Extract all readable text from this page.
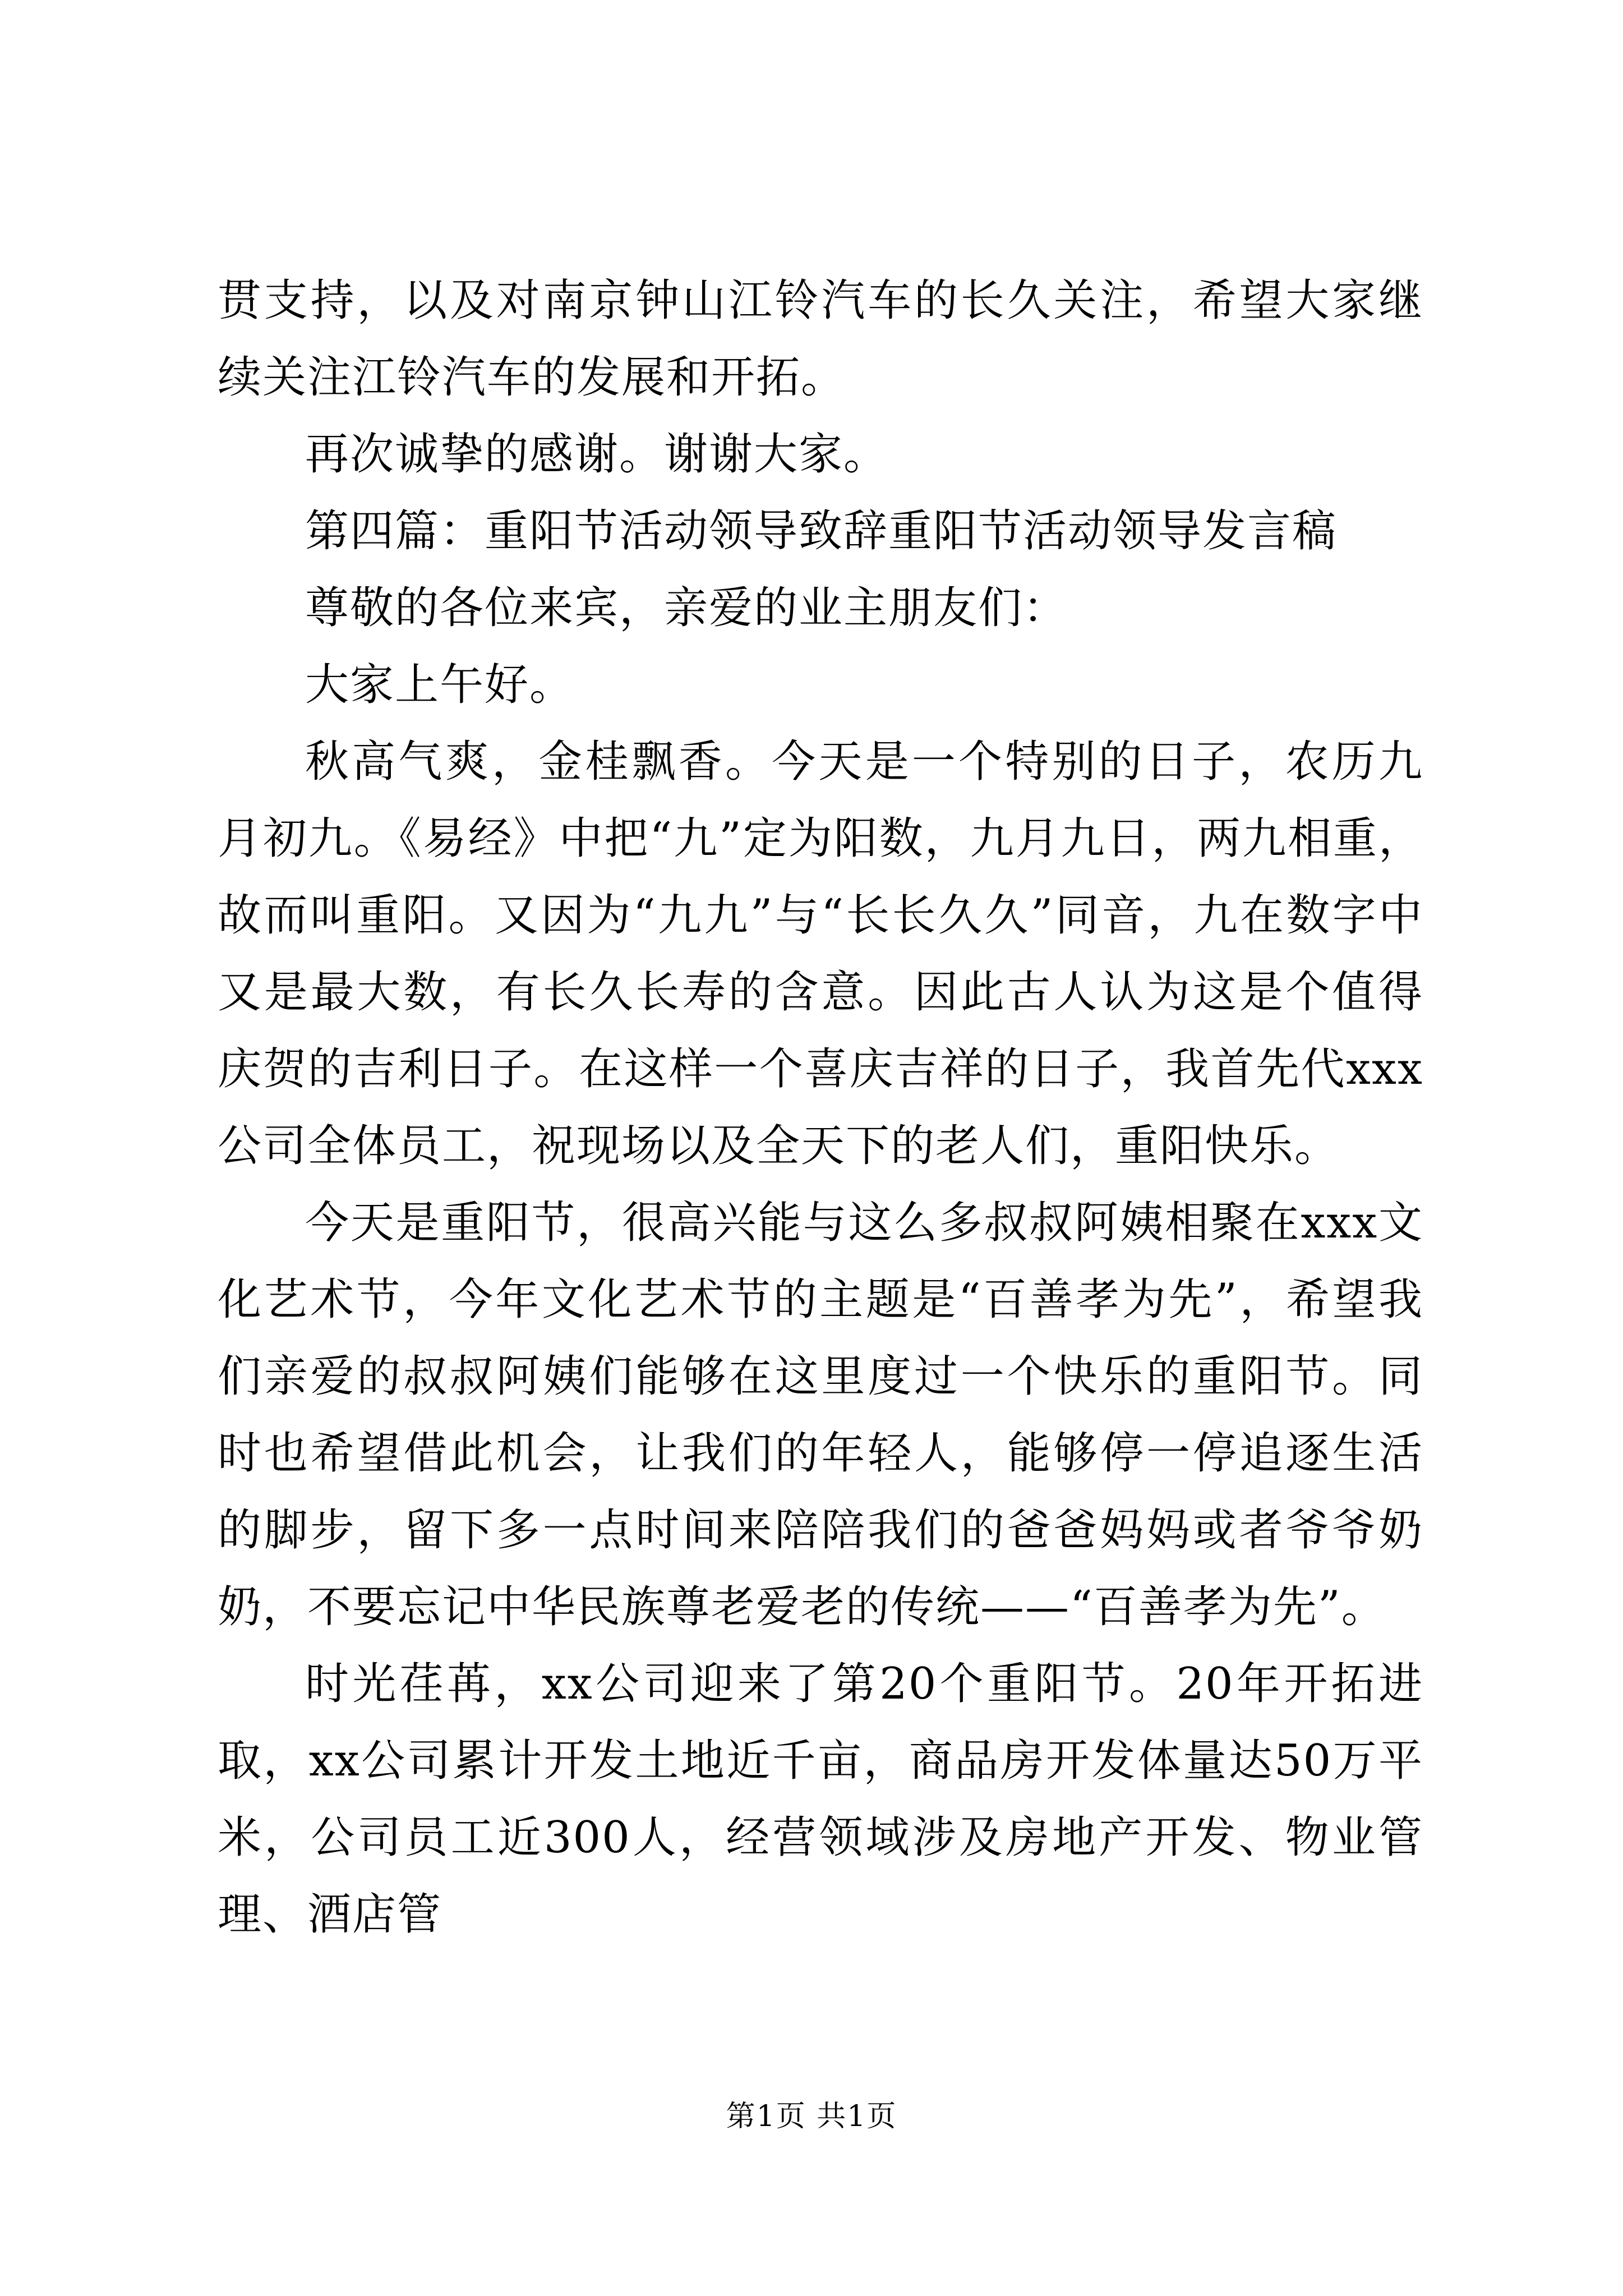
贯支持，以及对南京钟山江铃汽车的长久关注，希望大家继续关注江铃汽车的发展和开拓。

再次诚挚的感谢。谢谢大家。

第四篇：重阳节活动领导致辞重阳节活动领导发言稿

尊敬的各位来宾，亲爱的业主朋友们：

大家上午好。

秋高气爽，金桂飘香。今天是一个特别的日子，农历九月初九。《易经》中把“九”定为阳数，九月九日，两九相重，故而叫重阳。又因为“九九”与“长长久久”同音，九在数字中又是最大数，有长久长寿的含意。因此古人认为这是个值得庆贺的吉利日子。在这样一个喜庆吉祥的日子，我首先代xxx公司全体员工，祝现场以及全天下的老人们，重阳快乐。

今天是重阳节，很高兴能与这么多叔叔阿姨相聚在xxx文化艺术节，今年文化艺术节的主题是“百善孝为先”，希望我们亲爱的叔叔阿姨们能够在这里度过一个快乐的重阳节。同时也希望借此机会，让我们的年轻人，能够停一停追逐生活的脚步，留下多一点时间来陪陪我们的爸爸妈妈或者爷爷奶奶，不要忘记中华民族尊老爱老的传统——“百善孝为先”。

时光荏苒，xx公司迎来了第20个重阳节。20年开拓进取，xx公司累计开发土地近千亩，商品房开发体量达50万平米，公司员工近300人，经营领域涉及房地产开发、物业管理、酒店管

第1页 共1页
